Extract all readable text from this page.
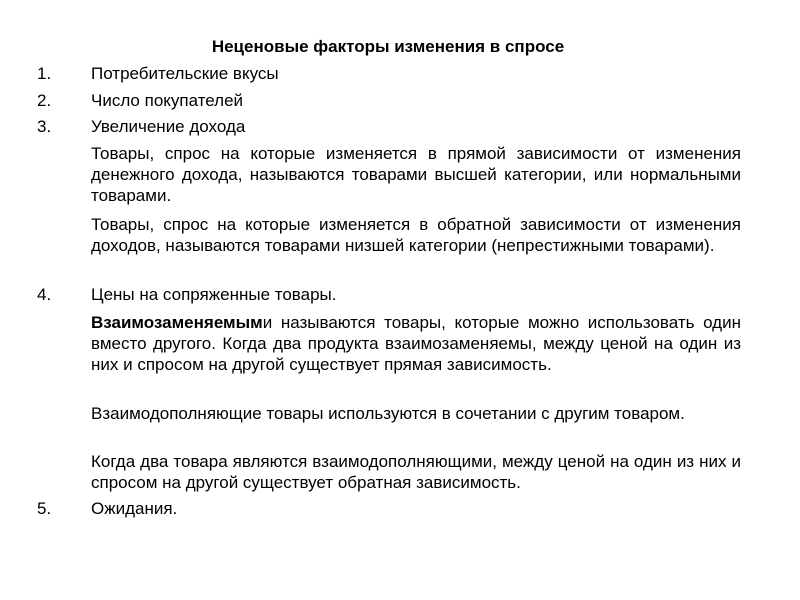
Неценовые факторы изменения в спросе
1. Потребительские вкусы
2. Число покупателей
3. Увеличение дохода
Товары, спрос на которые изменяется в прямой зависимости от изменения денежного дохода, называются товарами высшей категории, или нормальными товарами.
Товары, спрос на которые изменяется в обратной зависимости от изменения доходов, называются товарами низшей категории (непрестижными товарами).
4. Цены на сопряженные товары.
Взаимозаменяемыми называются товары, которые можно использовать один вместо другого. Когда два продукта взаимозаменяемы, между ценой на один из них и спросом на другой существует прямая зависимость.
Взаимодополняющие товары используются в сочетании с другим товаром.
Когда два товара являются взаимодополняющими, между ценой на один из них и спросом на другой существует обратная зависимость.
5. Ожидания.
